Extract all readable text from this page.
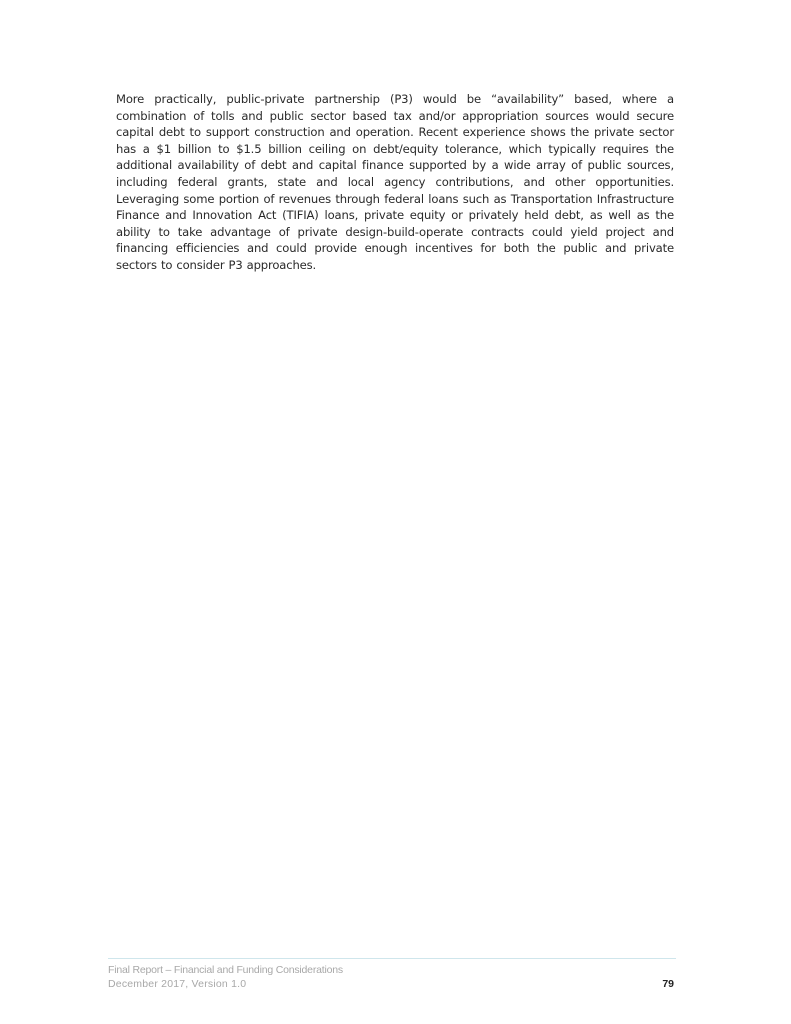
More practically, public-private partnership (P3) would be “availability” based, where a combination of tolls and public sector based tax and/or appropriation sources would secure capital debt to support construction and operation. Recent experience shows the private sector has a $1 billion to $1.5 billion ceiling on debt/equity tolerance, which typically requires the additional availability of debt and capital finance supported by a wide array of public sources, including federal grants, state and local agency contributions, and other opportunities. Leveraging some portion of revenues through federal loans such as Transportation Infrastructure Finance and Innovation Act (TIFIA) loans, private equity or privately held debt, as well as the ability to take advantage of private design-build-operate contracts could yield project and financing efficiencies and could provide enough incentives for both the public and private sectors to consider P3 approaches.

Final Report – Financial and Funding Considerations
December 2017, Version 1.0	79
